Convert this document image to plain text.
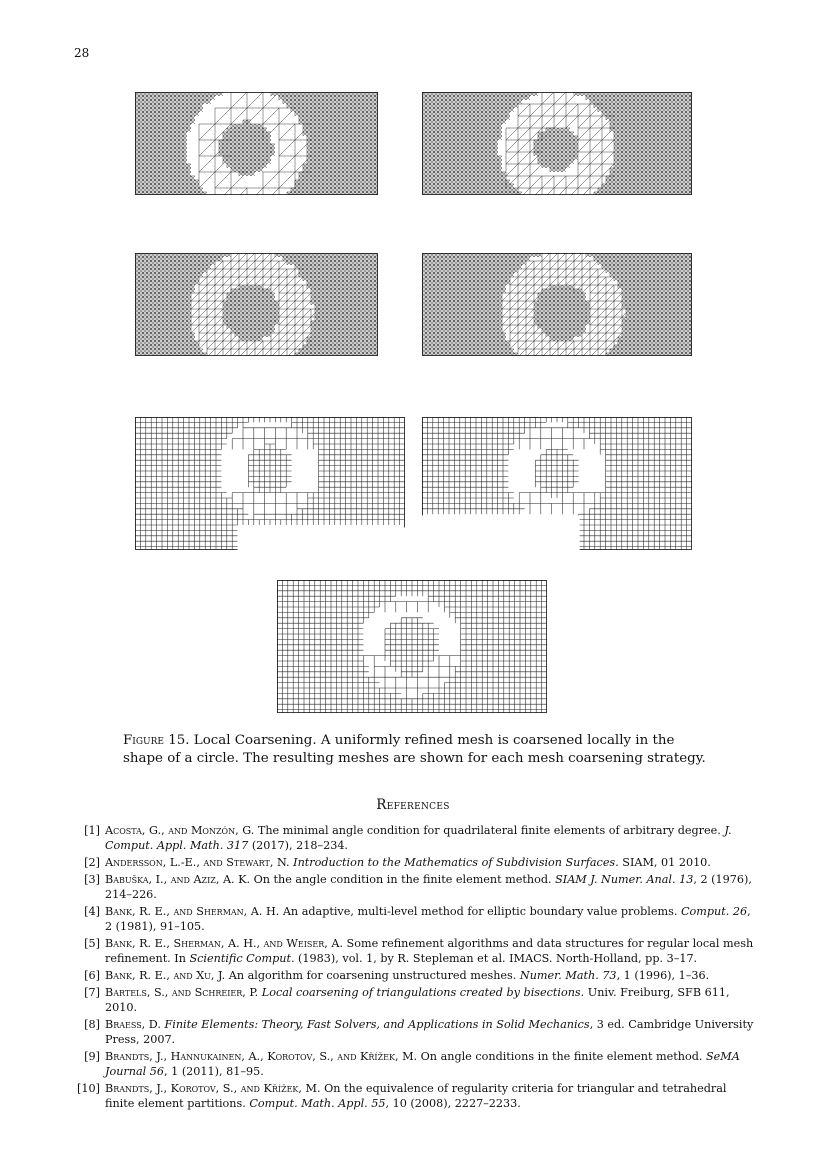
28
Figure 15. Local Coarsening. A uniformly refined mesh is coarsened locally in the shape of a circle. The resulting meshes are shown for each mesh coarsening strategy.
References
[1] Acosta, G., and Monzón, G. The minimal angle condition for quadrilateral finite elements of arbitrary degree. J. Comput. Appl. Math. 317 (2017), 218–234.
[2] Andersson, L.-E., and Stewart, N. Introduction to the Mathematics of Subdivision Surfaces. SIAM, 01 2010.
[3] Babuška, I., and Aziz, A. K. On the angle condition in the finite element method. SIAM J. Numer. Anal. 13, 2 (1976), 214–226.
[4] Bank, R. E., and Sherman, A. H. An adaptive, multi-level method for elliptic boundary value problems. Comput. 26, 2 (1981), 91–105.
[5] Bank, R. E., Sherman, A. H., and Weiser, A. Some refinement algorithms and data structures for regular local mesh refinement. In Scientific Comput. (1983), vol. 1, by R. Stepleman et al. IMACS. North-Holland, pp. 3–17.
[6] Bank, R. E., and Xu, J. An algorithm for coarsening unstructured meshes. Numer. Math. 73, 1 (1996), 1–36.
[7] Bartels, S., and Schreier, P. Local coarsening of triangulations created by bisections. Univ. Freiburg, SFB 611, 2010.
[8] Braess, D. Finite Elements: Theory, Fast Solvers, and Applications in Solid Mechanics, 3 ed. Cambridge University Press, 2007.
[9] Brandts, J., Hannukainen, A., Korotov, S., and Křížek, M. On angle conditions in the finite element method. SeMA Journal 56, 1 (2011), 81–95.
[10] Brandts, J., Korotov, S., and Křížek, M. On the equivalence of regularity criteria for triangular and tetrahedral finite element partitions. Comput. Math. Appl. 55, 10 (2008), 2227–2233.
